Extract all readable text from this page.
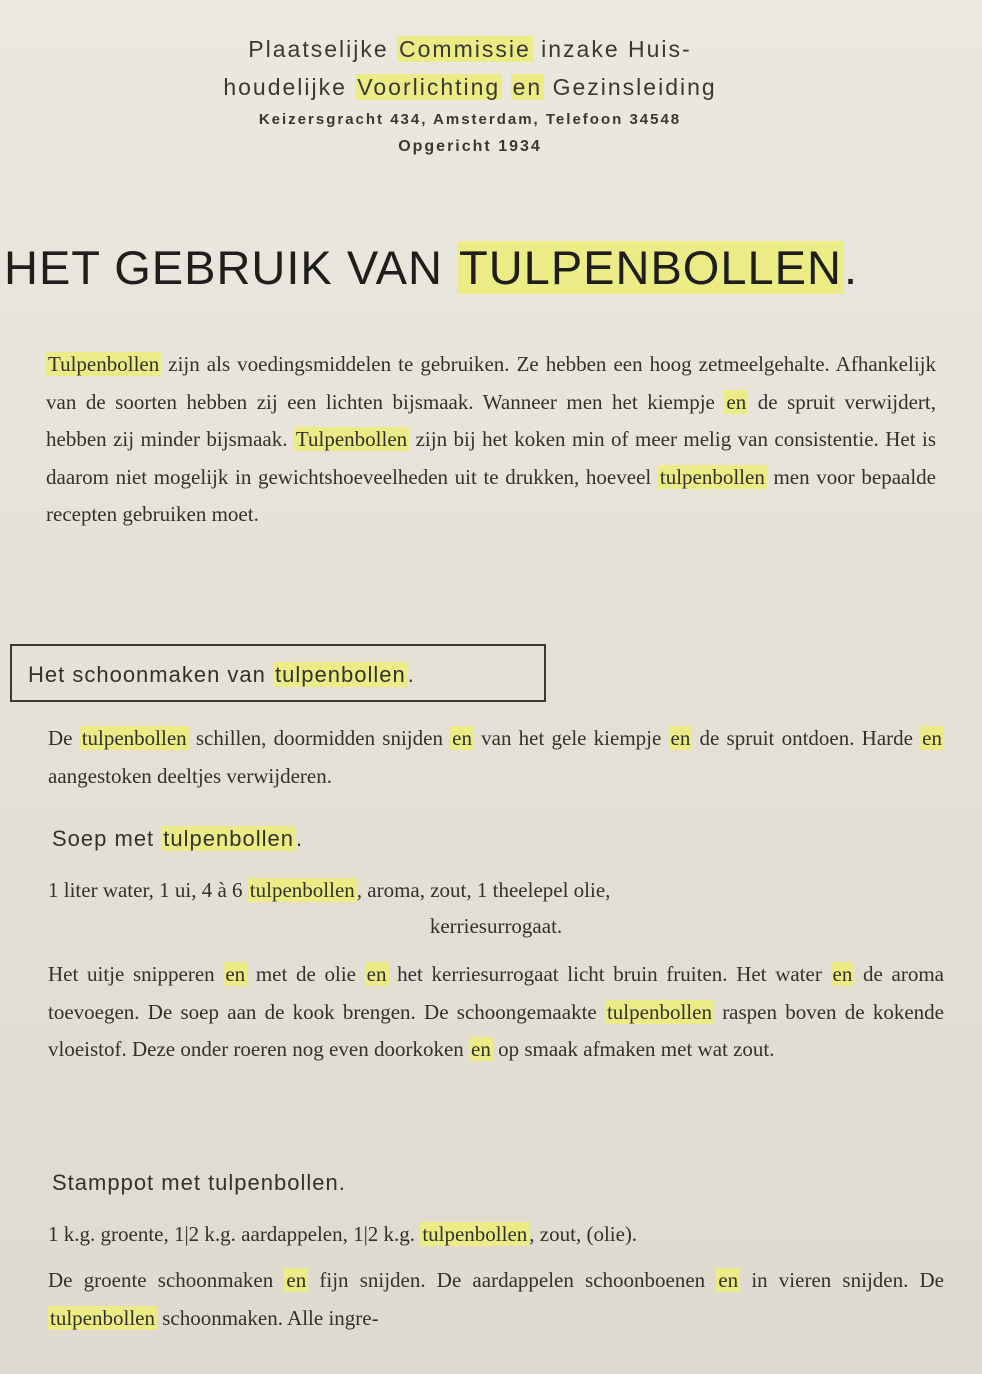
Plaatselijke Commissie inzake Huis-
houdelijke Voorlichting en Gezinsleiding
Keizersgracht 434, Amsterdam, Telefoon 34548
Opgericht 1934
HET GEBRUIK VAN TULPENBOLLEN.
Tulpenbollen zijn als voedingsmiddelen te gebruiken. Ze hebben een hoog zetmeelgehalte. Afhankelijk van de soorten hebben zij een lichten bijsmaak. Wanneer men het kiempje en de spruit verwijdert, hebben zij minder bijsmaak. Tulpenbollen zijn bij het koken min of meer melig van consistentie. Het is daarom niet mogelijk in gewichtshoeveelheden uit te drukken, hoeveel tulpenbollen men voor bepaalde recepten gebruiken moet.
Het schoonmaken van tulpenbollen.
De tulpenbollen schillen, doormidden snijden en van het gele kiempje en de spruit ontdoen. Harde en aangestoken deeltjes verwijderen.
Soep met tulpenbollen.
1 liter water, 1 ui, 4 à 6 tulpenbollen, aroma, zout, 1 theelepel olie,
kerriesurrogaat.
Het uitje snipperen en met de olie en het kerriesurrogaat licht bruin fruiten. Het water en de aroma toevoegen. De soep aan de kook brengen. De schoongemaakte tulpenbollen raspen boven de kokende vloeistof. Deze onder roeren nog even doorkoken en op smaak afmaken met wat zout.
Stamppot met tulpenbollen.
1 k.g. groente, 1|2 k.g. aardappelen, 1|2 k.g. tulpenbollen, zout, (olie).
De groente schoonmaken en fijn snijden. De aardappelen schoonboenen en in vieren snijden. De tulpenbollen schoonmaken. Alle ingre-
